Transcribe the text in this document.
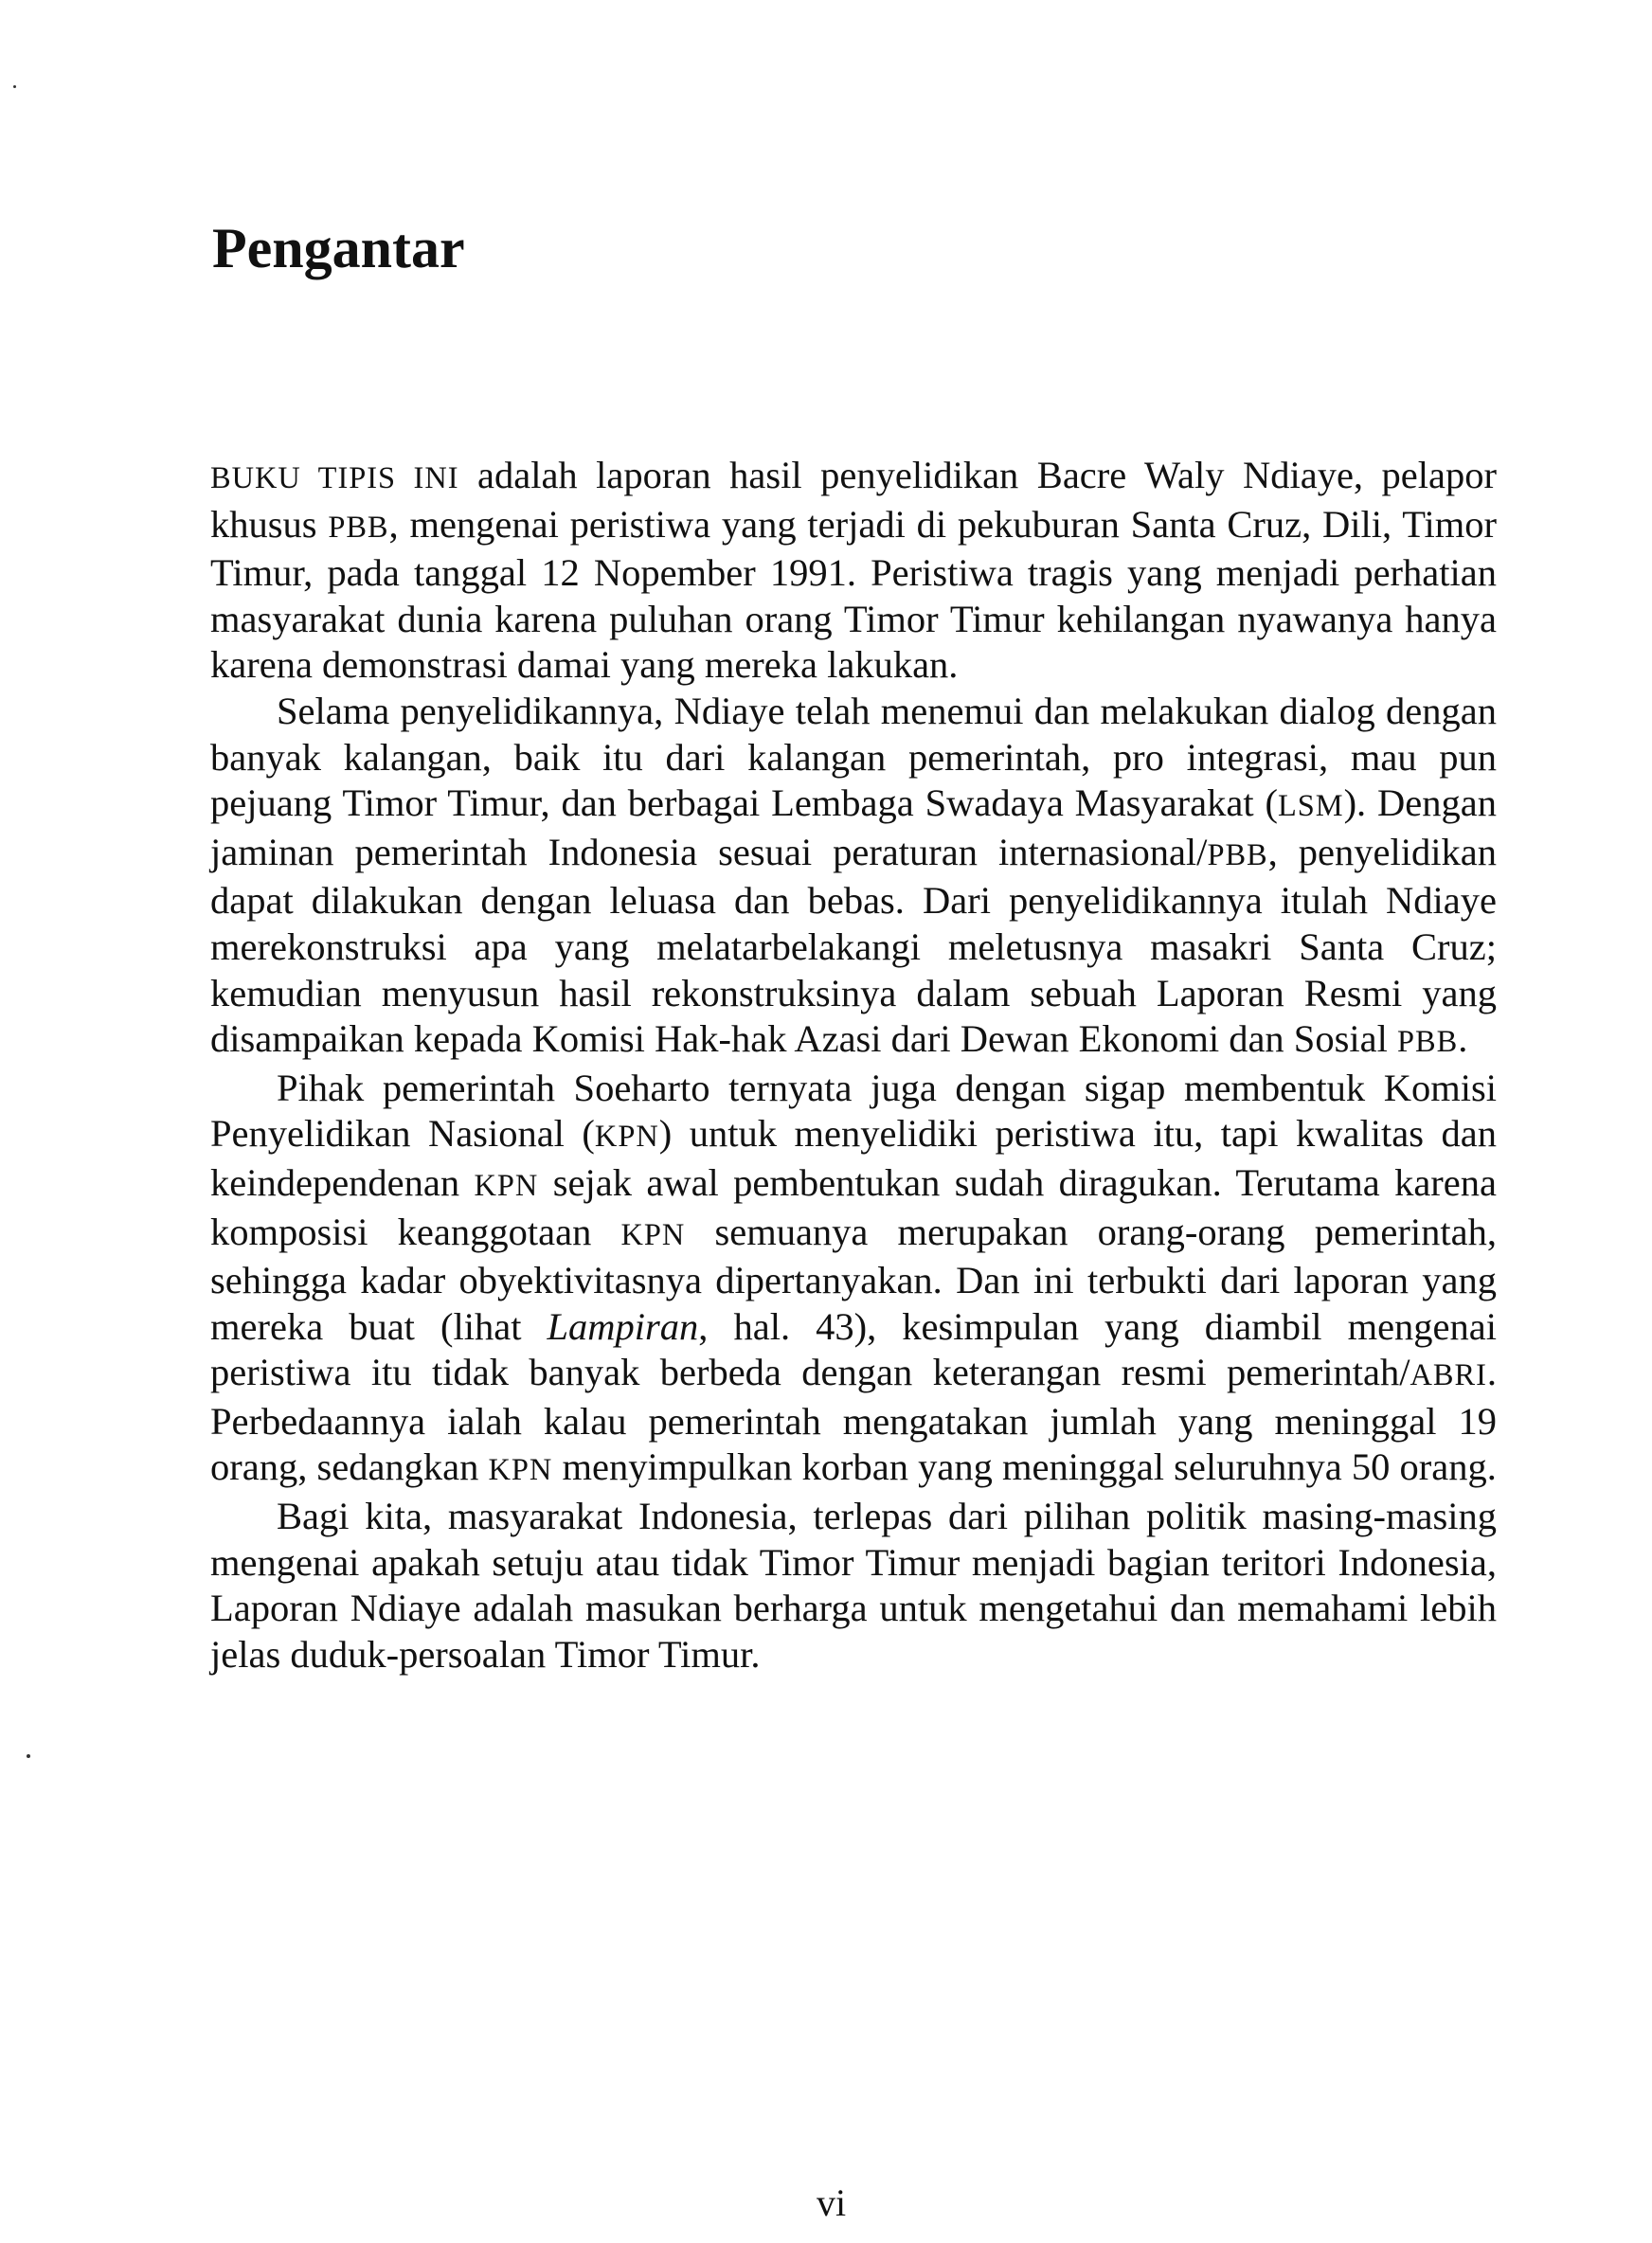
Pengantar

BUKU TIPIS INI adalah laporan hasil penyelidikan Bacre Waly Ndiaye, pelapor khusus PBB, mengenai peristiwa yang terjadi di pekuburan Santa Cruz, Dili, Timor Timur, pada tanggal 12 Nopember 1991. Peristiwa tragis yang menjadi perhatian masyarakat dunia karena puluhan orang Timor Timur kehilangan nyawanya hanya karena demonstrasi damai yang mereka lakukan.

Selama penyelidikannya, Ndiaye telah menemui dan melakukan dialog dengan banyak kalangan, baik itu dari kalangan pemerintah, pro integrasi, mau pun pejuang Timor Timur, dan berbagai Lembaga Swadaya Masyarakat (LSM). Dengan jaminan pemerintah Indonesia sesuai peraturan internasional/PBB, penyelidikan dapat dilakukan dengan leluasa dan bebas. Dari penyelidikannya itulah Ndiaye merekonstruksi apa yang melatarbelakangi meletusnya masakri Santa Cruz; kemudian menyusun hasil rekonstruksinya dalam sebuah Laporan Resmi yang disampaikan kepada Komisi Hak-hak Azasi dari Dewan Ekonomi dan Sosial PBB.

Pihak pemerintah Soeharto ternyata juga dengan sigap membentuk Komisi Penyelidikan Nasional (KPN) untuk menyelidiki peristiwa itu, tapi kwalitas dan keindependenan KPN sejak awal pembentukan sudah diragukan. Terutama karena komposisi keanggotaan KPN semuanya merupakan orang-orang pemerintah, sehingga kadar obyektivitasnya dipertanyakan. Dan ini terbukti dari laporan yang mereka buat (lihat Lampiran, hal. 43), kesimpulan yang diambil mengenai peristiwa itu tidak banyak berbeda dengan keterangan resmi pemerintah/ABRI. Perbedaannya ialah kalau pemerintah mengatakan jumlah yang meninggal 19 orang, sedangkan KPN menyimpulkan korban yang meninggal seluruhnya 50 orang.

Bagi kita, masyarakat Indonesia, terlepas dari pilihan politik masing-masing mengenai apakah setuju atau tidak Timor Timur menjadi bagian teritori Indonesia, Laporan Ndiaye adalah masukan berharga untuk mengetahui dan memahami lebih jelas duduk-persoalan Timor Timur.

vi
